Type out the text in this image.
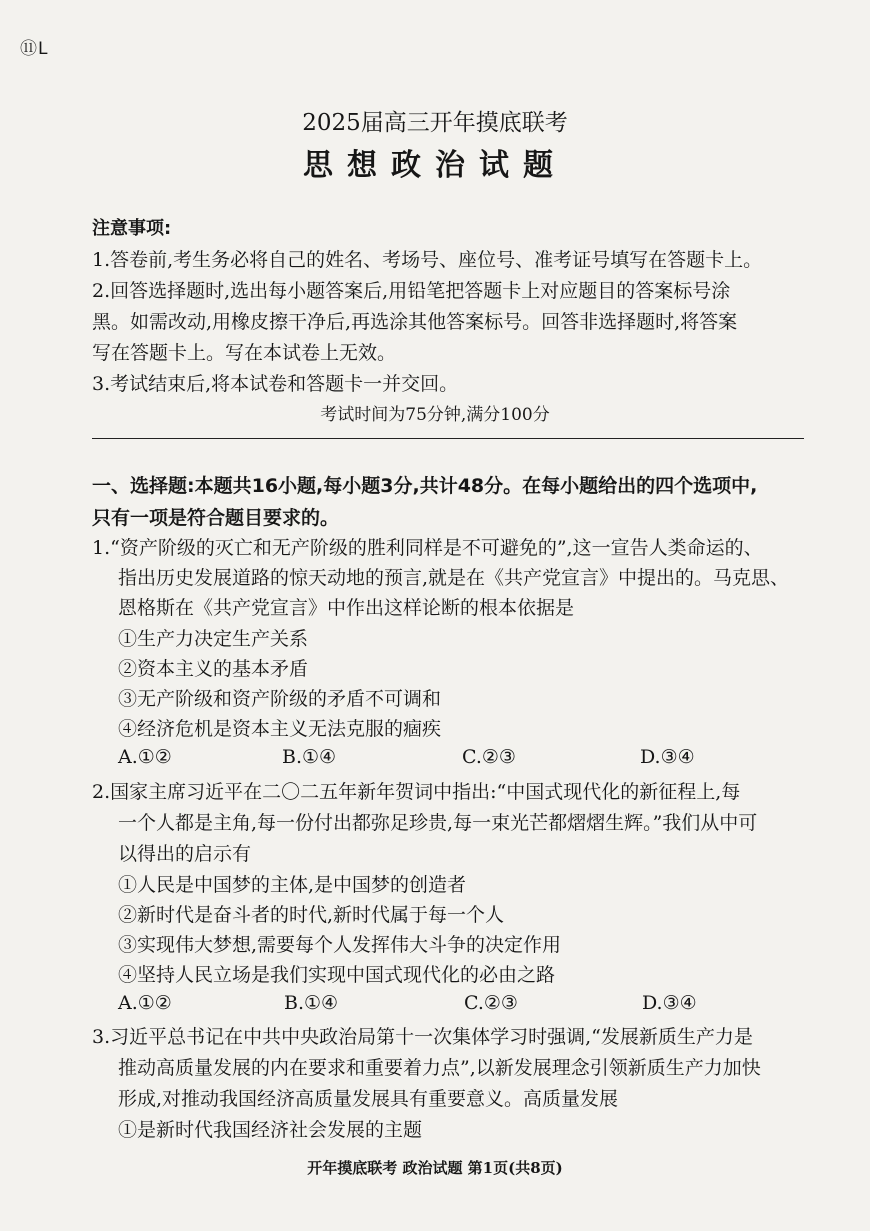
⑪L
2025届高三开年摸底联考
思想政治试题
注意事项:
1.答卷前,考生务必将自己的姓名、考场号、座位号、准考证号填写在答题卡上。
2.回答选择题时,选出每小题答案后,用铅笔把答题卡上对应题目的答案标号涂
黑。如需改动,用橡皮擦干净后,再选涂其他答案标号。回答非选择题时,将答案
写在答题卡上。写在本试卷上无效。
3.考试结束后,将本试卷和答题卡一并交回。
考试时间为75分钟,满分100分
一、选择题:本题共16小题,每小题3分,共计48分。在每小题给出的四个选项中,
只有一项是符合题目要求的。
1.“资产阶级的灭亡和无产阶级的胜利同样是不可避免的”,这一宣告人类命运的、
指出历史发展道路的惊天动地的预言,就是在《共产党宣言》中提出的。马克思、
恩格斯在《共产党宣言》中作出这样论断的根本依据是
①生产力决定生产关系
②资本主义的基本矛盾
③无产阶级和资产阶级的矛盾不可调和
④经济危机是资本主义无法克服的痼疾
A.①②	B.①④	C.②③	D.③④
2.国家主席习近平在二〇二五年新年贺词中指出:“中国式现代化的新征程上,每
一个人都是主角,每一份付出都弥足珍贵,每一束光芒都熠熠生辉。”我们从中可
以得出的启示有
①人民是中国梦的主体,是中国梦的创造者
②新时代是奋斗者的时代,新时代属于每一个人
③实现伟大梦想,需要每个人发挥伟大斗争的决定作用
④坚持人民立场是我们实现中国式现代化的必由之路
A.①②	B.①④	C.②③	D.③④
3.习近平总书记在中共中央政治局第十一次集体学习时强调,“发展新质生产力是
推动高质量发展的内在要求和重要着力点”,以新发展理念引领新质生产力加快
形成,对推动我国经济高质量发展具有重要意义。高质量发展
①是新时代我国经济社会发展的主题
开年摸底联考 政治试题 第1页(共8页)
